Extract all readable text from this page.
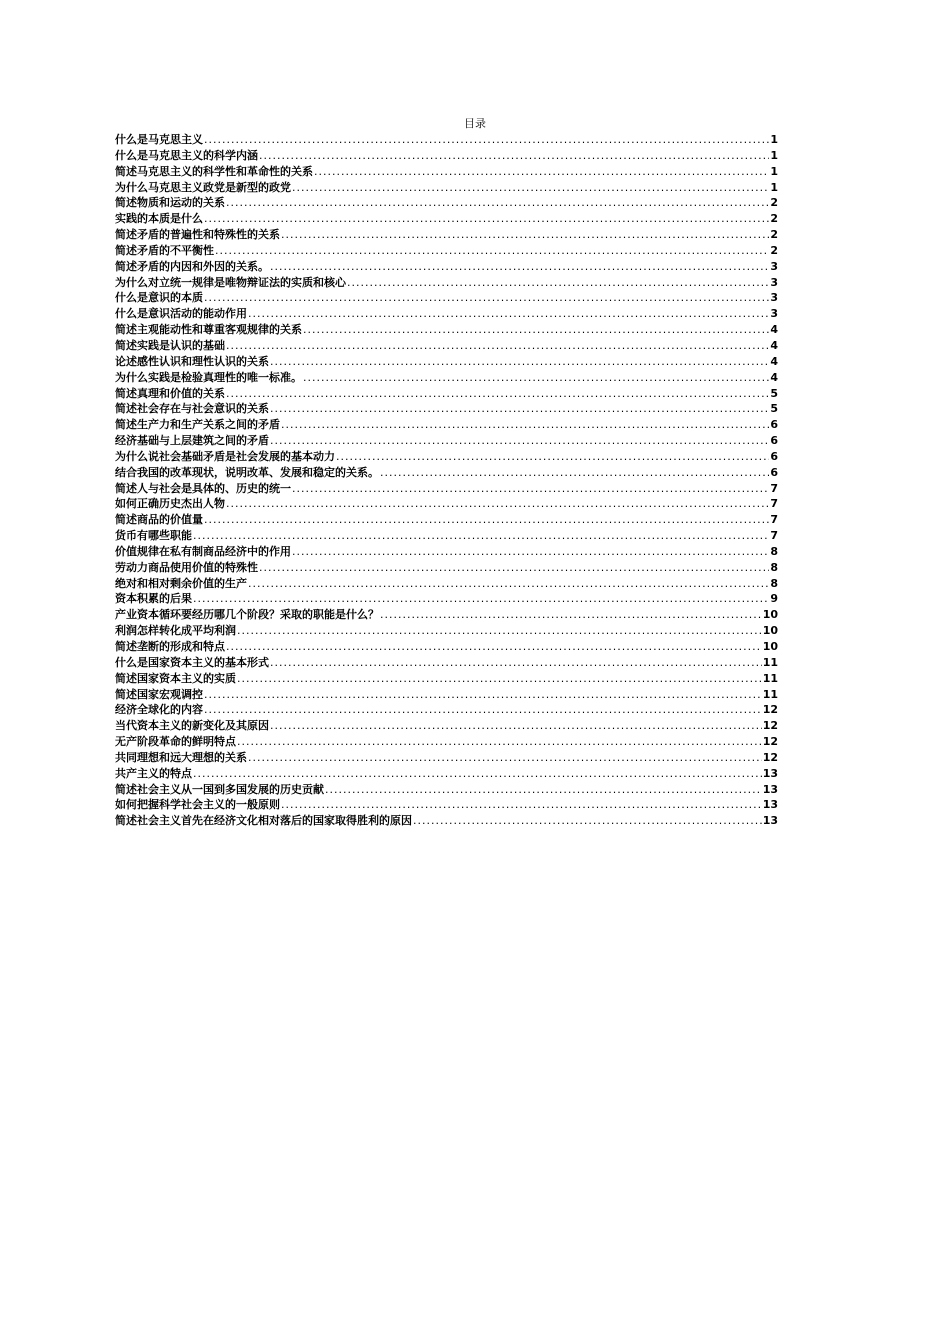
目录
什么是马克思主义 .....	1
什么是马克思主义的科学内涵 .....	1
简述马克思主义的科学性和革命性的关系 .....	1
为什么马克思主义政党是新型的政党 .....	1
简述物质和运动的关系 .....	2
实践的本质是什么 .....	2
简述矛盾的普遍性和特殊性的关系 .....	2
简述矛盾的不平衡性 .....	2
简述矛盾的内因和外因的关系。 .....	3
为什么对立统一规律是唯物辩证法的实质和核心 .....	3
什么是意识的本质 .....	3
什么是意识活动的能动作用 .....	3
简述主观能动性和尊重客观规律的关系 .....	4
简述实践是认识的基础 .....	4
论述感性认识和理性认识的关系 .....	4
为什么实践是检验真理性的唯一标准。 .....	4
简述真理和价值的关系 .....	5
简述社会存在与社会意识的关系 .....	5
简述生产力和生产关系之间的矛盾 .....	6
经济基础与上层建筑之间的矛盾 .....	6
为什么说社会基础矛盾是社会发展的基本动力 .....	6
结合我国的改革现状，说明改革、发展和稳定的关系。 .....	6
简述人与社会是具体的、历史的统一 .....	7
如何正确历史杰出人物 .....	7
简述商品的价值量 .....	7
货币有哪些职能 .....	7
价值规律在私有制商品经济中的作用 .....	8
劳动力商品使用价值的特殊性 .....	8
绝对和相对剩余价值的生产 .....	8
资本积累的后果 .....	9
产业资本循环要经历哪几个阶段？采取的职能是什么？ .....	10
利润怎样转化成平均利润 .....	10
简述垄断的形成和特点 .....	10
什么是国家资本主义的基本形式 .....	11
简述国家资本主义的实质 .....	11
简述国家宏观调控 .....	11
经济全球化的内容 .....	12
当代资本主义的新变化及其原因 .....	12
无产阶段革命的鲜明特点 .....	12
共同理想和远大理想的关系 .....	12
共产主义的特点 .....	13
简述社会主义从一国到多国发展的历史贡献 .....	13
如何把握科学社会主义的一般原则 .....	13
简述社会主义首先在经济文化相对落后的国家取得胜利的原因 .....	13
